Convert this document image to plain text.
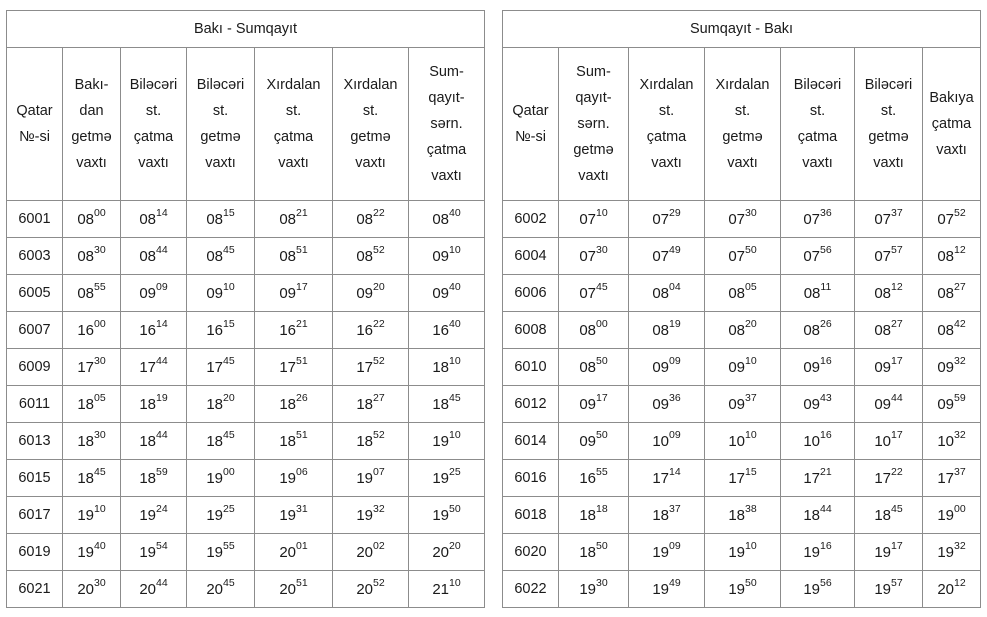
Bakı - Sumqayıt						

Qatar
№-si	Bakı-
dan
getmə
vaxtı	Biləcəri
st.
çatma
vaxtı	Biləcəri
st.
getmə
vaxtı	Xırdalan
st.
çatma
vaxtı	Xırdalan
st.
getmə
vaxtı	Sum-
qayıt-
sərn.
çatma
vaxtı

6001	$08^{00}$	$08^{14}$	$08^{15}$	$08^{21}$	$08^{22}$	$08^{40}$
6003	$08^{30}$	$08^{44}$	$08^{45}$	$08^{51}$	$08^{52}$	$09^{10}$
6005	$08^{55}$	$09^{09}$	$09^{10}$	$09^{17}$	$09^{20}$	$09^{40}$
6007	$16^{00}$	$16^{14}$	$16^{15}$	$16^{21}$	$16^{22}$	$16^{40}$
6009	$17^{30}$	$17^{44}$	$17^{45}$	$17^{51}$	$17^{52}$	$18^{10}$
6011	$18^{05}$	$18^{19}$	$18^{20}$	$18^{26}$	$18^{27}$	$18^{45}$
6013	$18^{30}$	$18^{44}$	$18^{45}$	$18^{51}$	$18^{52}$	$19^{10}$
6015	$18^{45}$	$18^{59}$	$19^{00}$	$19^{06}$	$19^{07}$	$19^{25}$
6017	$19^{10}$	$19^{24}$	$19^{25}$	$19^{31}$	$19^{32}$	$19^{50}$
6019	$19^{40}$	$19^{54}$	$19^{55}$	$20^{01}$	$20^{02}$	$20^{20}$
6021	$20^{30}$	$20^{44}$	$20^{45}$	$20^{51}$	$20^{52}$	$21^{10}$
Sumqayıt - Bakı						

Qatar
№-si	Sum-
qayıt-
sərn.
getmə
vaxtı	Xırdalan
st.
çatma
vaxtı	Xırdalan
st.
getmə
vaxtı	Biləcəri
st.
çatma
vaxtı	Biləcəri
st.
getmə
vaxtı	Bakıya
çatma
vaxtı

6002	$07^{10}$	$07^{29}$	$07^{30}$	$07^{36}$	$07^{37}$	$07^{52}$
6004	$07^{30}$	$07^{49}$	$07^{50}$	$07^{56}$	$07^{57}$	$08^{12}$
6006	$07^{45}$	$08^{04}$	$08^{05}$	$08^{11}$	$08^{12}$	$08^{27}$
6008	$08^{00}$	$08^{19}$	$08^{20}$	$08^{26}$	$08^{27}$	$08^{42}$
6010	$08^{50}$	$09^{09}$	$09^{10}$	$09^{16}$	$09^{17}$	$09^{32}$
6012	$09^{17}$	$09^{36}$	$09^{37}$	$09^{43}$	$09^{44}$	$09^{59}$
6014	$09^{50}$	$10^{09}$	$10^{10}$	$10^{16}$	$10^{17}$	$10^{32}$
6016	$16^{55}$	$17^{14}$	$17^{15}$	$17^{21}$	$17^{22}$	$17^{37}$
6018	$18^{18}$	$18^{37}$	$18^{38}$	$18^{44}$	$18^{45}$	$19^{00}$
6020	$18^{50}$	$19^{09}$	$19^{10}$	$19^{16}$	$19^{17}$	$19^{32}$
6022	$19^{30}$	$19^{49}$	$19^{50}$	$19^{56}$	$19^{57}$	$20^{12}$
